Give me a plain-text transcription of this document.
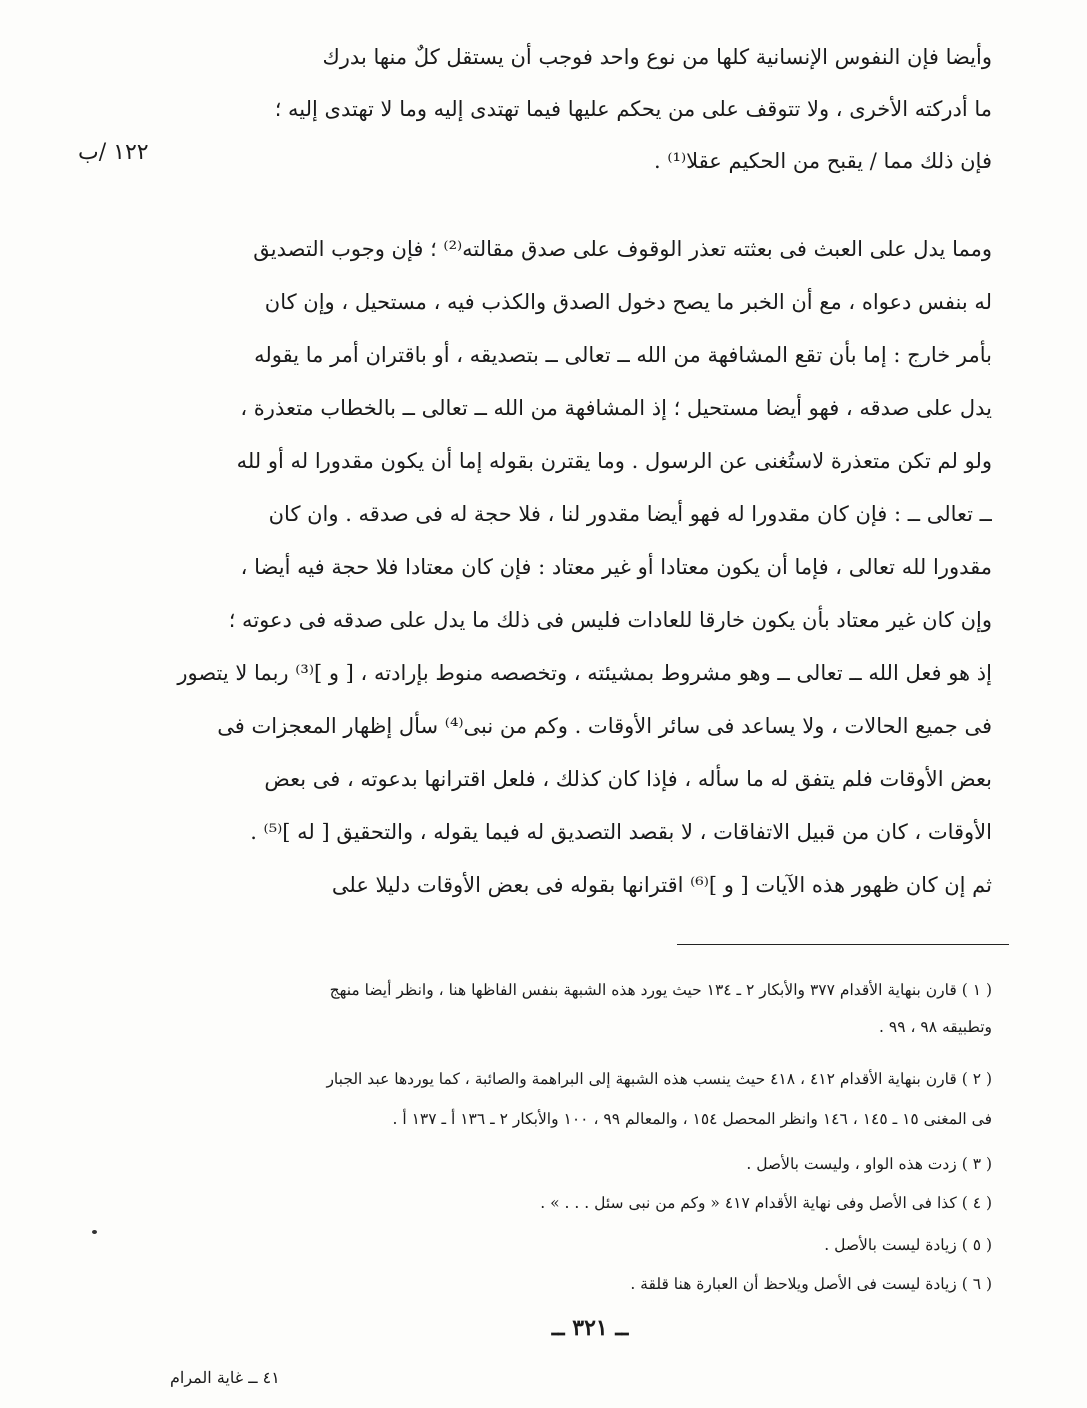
١٢٢ /ب
وأيضا فإن النفوس الإنسانية كلها من نوع واحد فوجب أن يستقل كلٌ منها بدرك
ما أدركته الأخرى ، ولا تتوقف على من يحكم عليها فيما تهتدى إليه وما لا تهتدى إليه ؛
فإن ذلك مما / يقبح من الحكيم عقلا⁽¹⁾ .
ومما يدل على العبث فى بعثته تعذر الوقوف على صدق مقالته⁽²⁾ ؛ فإن وجوب التصديق
له بنفس دعواه ، مع أن الخبر ما يصح دخول الصدق والكذب فيه ، مستحيل ، وإن كان
بأمر خارج : إما بأن تقع المشافهة من الله ــ تعالى ــ بتصديقه ، أو باقتران أمر ما يقوله
يدل على صدقه ، فهو أيضا مستحيل ؛ إذ المشافهة من الله ــ تعالى ــ بالخطاب متعذرة ،
ولو لم تكن متعذرة لاستُغنى عن الرسول . وما يقترن بقوله إما أن يكون مقدورا له أو لله
ــ تعالى ــ : فإن كان مقدورا له فهو أيضا مقدور لنا ، فلا حجة له فى صدقه . وان كان
مقدورا لله تعالى ، فإما أن يكون معتادا أو غير معتاد : فإن كان معتادا فلا حجة فيه أيضا ،
وإن كان غير معتاد بأن يكون خارقا للعادات فليس فى ذلك ما يدل على صدقه فى دعوته ؛
إذ هو فعل الله ــ تعالى ــ وهو مشروط بمشيئته ، وتخصصه منوط بإرادته ، [ و ]⁽³⁾ ربما لا يتصور
فى جميع الحالات ، ولا يساعد فى سائر الأوقات . وكم من نبى⁽⁴⁾ سأل إظهار المعجزات فى
بعض الأوقات فلم يتفق له ما سأله ، فإذا كان كذلك ، فلعل اقترانها بدعوته ، فى بعض
الأوقات ، كان من قبيل الاتفاقات ، لا بقصد التصديق له فيما يقوله ، والتحقيق [ له ]⁽⁵⁾ .
ثم إن كان ظهور هذه الآيات [ و ]⁽⁶⁾ اقترانها بقوله فى بعض الأوقات دليلا على
( ١ ) قارن بنهاية الأقدام ٣٧٧ والأبكار ٢ ـ ١٣٤ حيث يورد هذه الشبهة بنفس الفاظها هنا ، وانظر أيضا منهج
وتطبيقه ٩٨ ، ٩٩ .
( ٢ ) قارن بنهاية الأقدام ٤١٢ ، ٤١٨ حيث ينسب هذه الشبهة إلى البراهمة والصائبة ، كما يوردها عبد الجبار
فى المغنى ١٥ ـ ١٤٥ ، ١٤٦ وانظر المحصل ١٥٤ ، والمعالم ٩٩ ، ١٠٠ والأبكار ٢ ـ ١٣٦ أ ـ ١٣٧ أ .
( ٣ ) زدت هذه الواو ، وليست بالأصل .
( ٤ ) كذا فى الأصل وفى نهاية الأقدام ٤١٧ « وكم من نبى سئل . . . » .
( ٥ ) زيادة ليست بالأصل .
( ٦ ) زيادة ليست فى الأصل ويلاحظ أن العبارة هنا قلقة .
ــ ٣٢١ ــ
٤١ ــ غاية المرام
